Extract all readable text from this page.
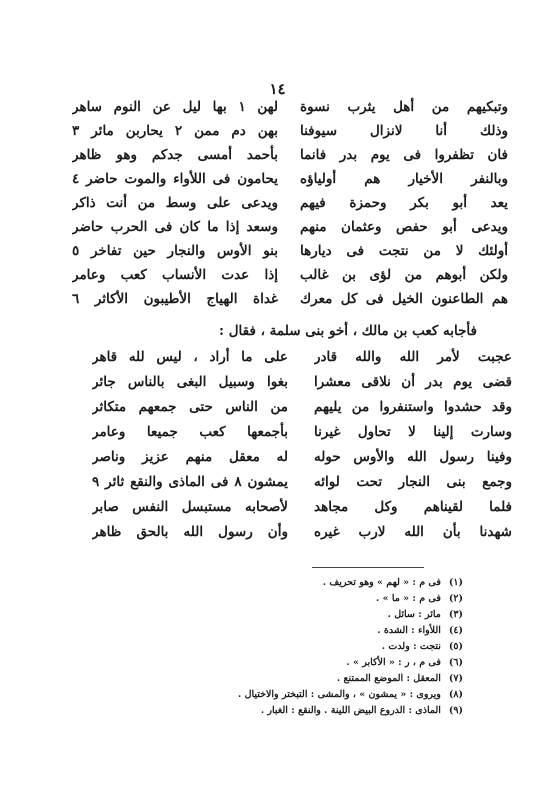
١٤
وتبكيهم من أهل يثرب نسوة
لهن ١ بها ليل عن النوم ساهر
وذلك أنا لانزال سيوفنا
بهن دم ممن ٢ يحاربن مائر ٣
فان تظفروا فى يوم بدر فانما
بأحمد أمسى جدكم وهو ظاهر
وبالنفر الأخيار هم أولياؤه
يحامون فى اللأواء والموت حاضر ٤
يعد أبو بكر وحمزة فيهم
ويدعى على وسط من أنت ذاكر
ويدعى أبو حفص وعثمان منهم
وسعد إذا ما كان فى الحرب حاضر
أولئك لا من نتجت فى ديارها
بنو الأوس والنجار حين تفاخر ٥
ولكن أبوهم من لؤى بن غالب
إذا عدت الأنساب كعب وعامر
هم الطاعنون الخيل فى كل معرك
غداة الهياج الأطيبون الأكاثر ٦
فأجابه كعب بن مالك ، أخو بنى سلمة ، فقال :
عجبت لأمر الله والله قادر
على ما أراد ، ليس لله قاهر
قضى يوم بدر أن نلاقى معشرا
بغوا وسبيل البغى بالناس جائر
وقد حشدوا واستنفروا من يليهم
من الناس حتى جمعهم متكاثر
وسارت إلينا لا تحاول غيرنا
بأجمعها كعب جميعا وعامر
وفينا رسول الله والأوس حوله
له معقل منهم عزيز وناصر
وجمع بنى النجار تحت لوائه
يمشون ٨ فى الماذى والنقع ثائر ٩
فلما لقيناهم وكل مجاهد
لأصحابه مستبسل النفس صابر
شهدنا بأن الله لارب غيره
وأن رسول الله بالحق ظاهر
(١)فى م : « لهم » وهو تحريف .
(٢)فى م : « ما » .
(٣)مائر : سائل .
(٤)اللأواء : الشدة .
(٥)نتجت : ولدت .
(٦)فى م ، ر : « الأكابر » .
(٧)المعقل : الموضع الممتنع .
(٨)ويروى : « يمشون » ، والمشى : التبختر والاختيال .
(٩)الماذى : الدروع البيض اللينة . والنقع : الغبار .
